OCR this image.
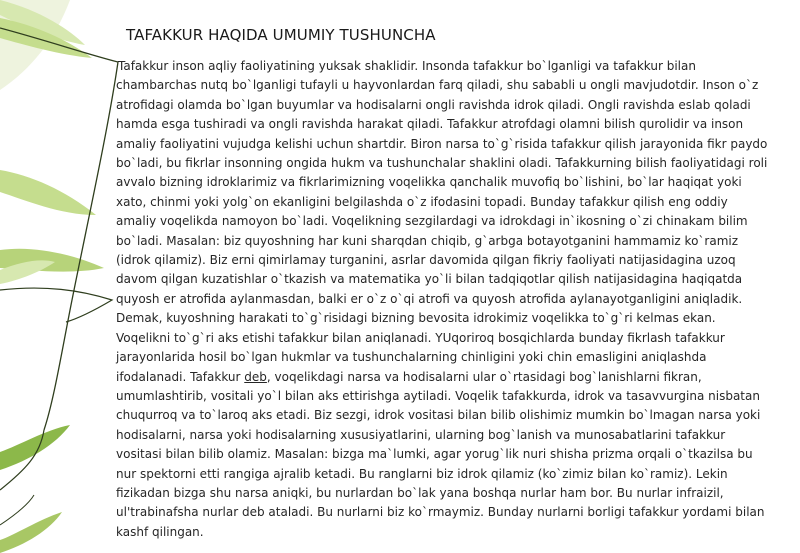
TAFAKKUR HAQIDA UMUMIY TUSHUNCHA

Tafakkur inson aqliy faoliyatining yuksak shaklidir. Insonda tafakkur bo`lganligi va tafakkur bilan chambarchas nutq bo`lganligi tufayli u hayvonlardan farq qiladi, shu sababli u ongli mavjudotdir. Inson o`z atrofidagi olamda bo`lgan buyumlar va hodisalarni ongli ravishda idrok qiladi. Ongli ravishda eslab qoladi hamda esga tushiradi va ongli ravishda harakat qiladi. Tafakkur atrofdagi olamni bilish qurolidir va inson amaliy faoliyatini vujudga kelishi uchun shartdir. Biron narsa to`g`risida tafakkur qilish jarayonida fikr paydo bo`ladi, bu fikrlar insonning ongida hukm va tushunchalar shaklini oladi. Tafakkurning bilish faoliyatidagi roli avvalo bizning idroklarimiz va fikrlarimizning voqelikka qanchalik muvofiq bo`lishini, bo`lar haqiqat yoki xato, chinmi yoki yolg`on ekanligini belgilashda o`z ifodasini topadi. Bunday tafakkur qilish eng oddiy amaliy voqelikda namoyon bo`ladi. Voqelikning sezgilardagi va idrokdagi in`ikosning o`zi chinakam bilim bo`ladi. Masalan: biz quyoshning har kuni sharqdan chiqib, g`arbga botayotganini hammamiz ko`ramiz (idrok qilamiz). Biz erni qimirlamay turganini, asrlar davomida qilgan fikriy faoliyati natijasidagina uzoq davom qilgan kuzatishlar o`tkazish va matematika yo`li bilan tadqiqotlar qilish natijasidagina haqiqatda quyosh er atrofida aylanmasdan, balki er o`z o`qi atrofi va quyosh atrofida aylanayotganligini aniqladik. Demak, kuyoshning harakati to`g`risidagi bizning bevosita idrokimiz voqelikka to`g`ri kelmas ekan. Voqelikni to`g`ri aks etishi tafakkur bilan aniqlanadi. YUqoriroq bosqichlarda bunday fikrlash tafakkur jarayonlarida hosil bo`lgan hukmlar va tushunchalarning chinligini yoki chin emasligini aniqlashda ifodalanadi. Tafakkur deb, voqelikdagi narsa va hodisalarni ular o`rtasidagi bog`lanishlarni fikran, umumlashtirib, vositali yo`l bilan aks ettirishga aytiladi. Voqelik tafakkurda, idrok va tasavvurgina nisbatan chuqurroq va to`laroq aks etadi. Biz sezgi, idrok vositasi bilan bilib olishimiz mumkin bo`lmagan narsa yoki hodisalarni, narsa yoki hodisalarning xususiyatlarini, ularning bog`lanish va munosabatlarini tafakkur vositasi bilan bilib olamiz. Masalan: bizga ma`lumki, agar yorug`lik nuri shisha prizma orqali o`tkazilsa bu nur spektorni etti rangiga ajralib ketadi. Bu ranglarni biz idrok qilamiz (ko`zimiz bilan ko`ramiz). Lekin fizikadan bizga shu narsa aniqki, bu nurlardan bo`lak yana boshqa nurlar ham bor. Bu nurlar infraizil, ul'trabinafsha nurlar deb ataladi. Bu nurlarni biz ko`rmaymiz. Bunday nurlarni borligi tafakkur yordami bilan kashf qilingan.
